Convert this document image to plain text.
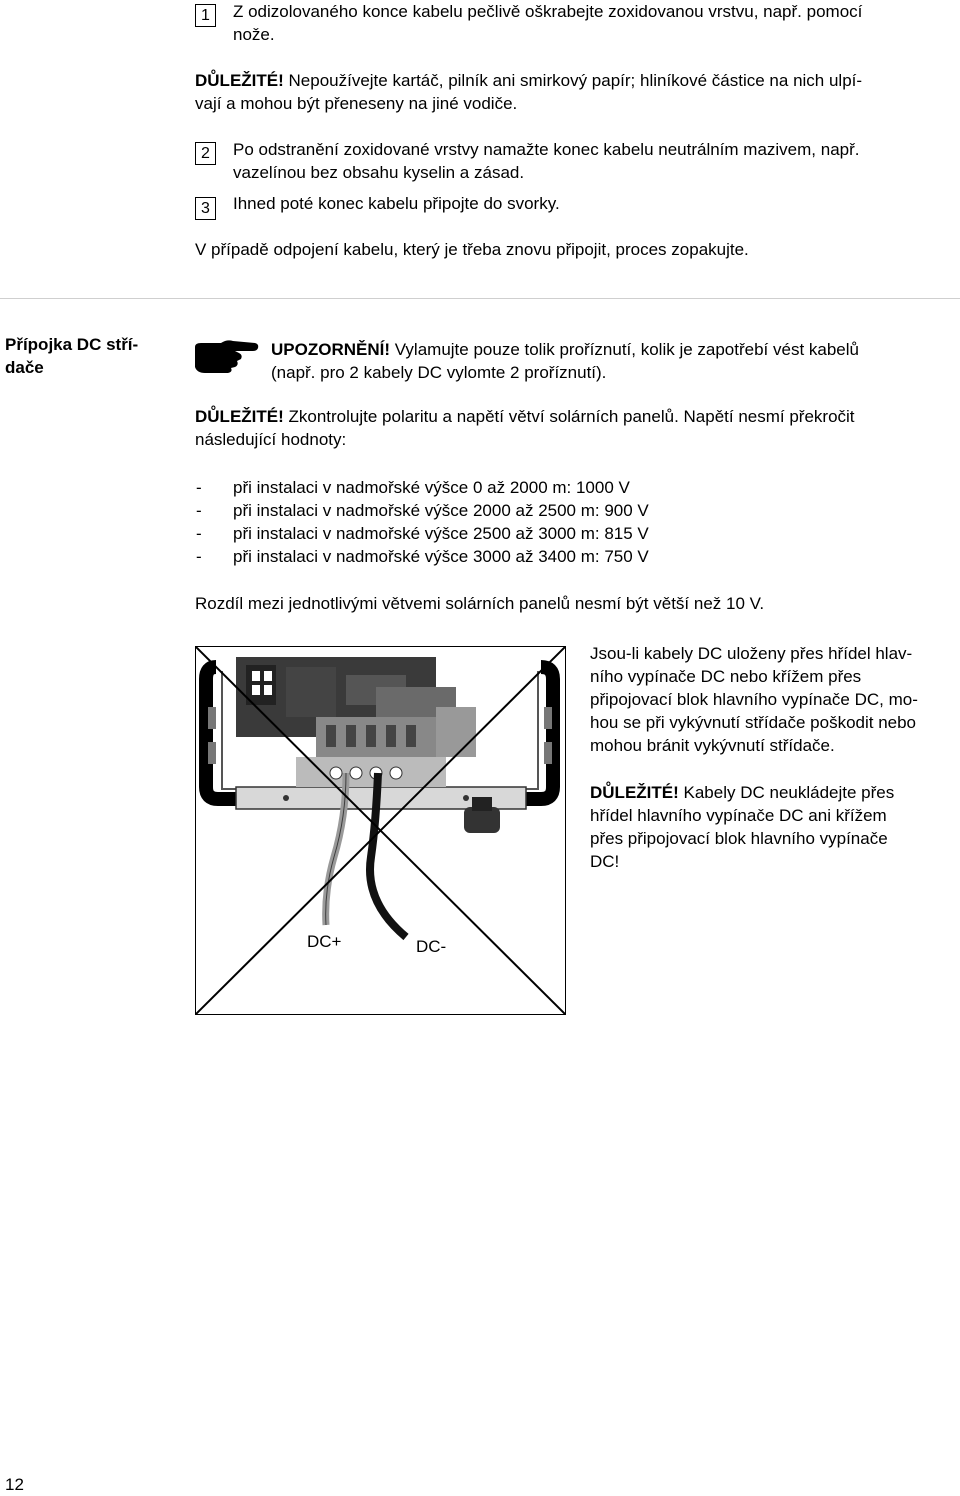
1	Z odizolovaného konce kabelu pečlivě oškrabejte zoxidovanou vrstvu, např. pomocí
nože.
DŮLEŽITÉ! Nepoužívejte kartáč, pilník ani smirkový papír; hliníkové částice na nich ulpí-
vají a mohou být přeneseny na jiné vodiče.
2	Po odstranění zoxidované vrstvy namažte konec kabelu neutrálním mazivem, např.
vazelínou bez obsahu kyselin a zásad.
3	Ihned poté konec kabelu připojte do svorky.
V případě odpojení kabelu, který je třeba znovu připojit, proces zopakujte.
Přípojka DC stří-
dače
UPOZORNĚNÍ! Vylamujte pouze tolik proříznutí, kolik je zapotřebí vést kabelů
(např. pro 2 kabely DC vylomte 2 proříznutí).
DŮLEŽITÉ! Zkontrolujte polaritu a napětí větví solárních panelů. Napětí nesmí překročit
následující hodnoty:
- při instalaci v nadmořské výšce 0 až 2000 m: 1000 V
- při instalaci v nadmořské výšce 2000 až 2500 m: 900 V
- při instalaci v nadmořské výšce 2500 až 3000 m: 815 V
- při instalaci v nadmořské výšce 3000 až 3400 m: 750 V
Rozdíl mezi jednotlivými větvemi solárních panelů nesmí být větší než 10 V.
DC+	DC-
Jsou-li kabely DC uloženy přes hřídel hlav-
ního vypínače DC nebo křížem přes
připojovací blok hlavního vypínače DC, mo-
hou se při vykývnutí střídače poškodit nebo
mohou bránit vykývnutí střídače.
DŮLEŽITÉ! Kabely DC neukládejte přes
hřídel hlavního vypínače DC ani křížem
přes připojovací blok hlavního vypínače
DC!
12
